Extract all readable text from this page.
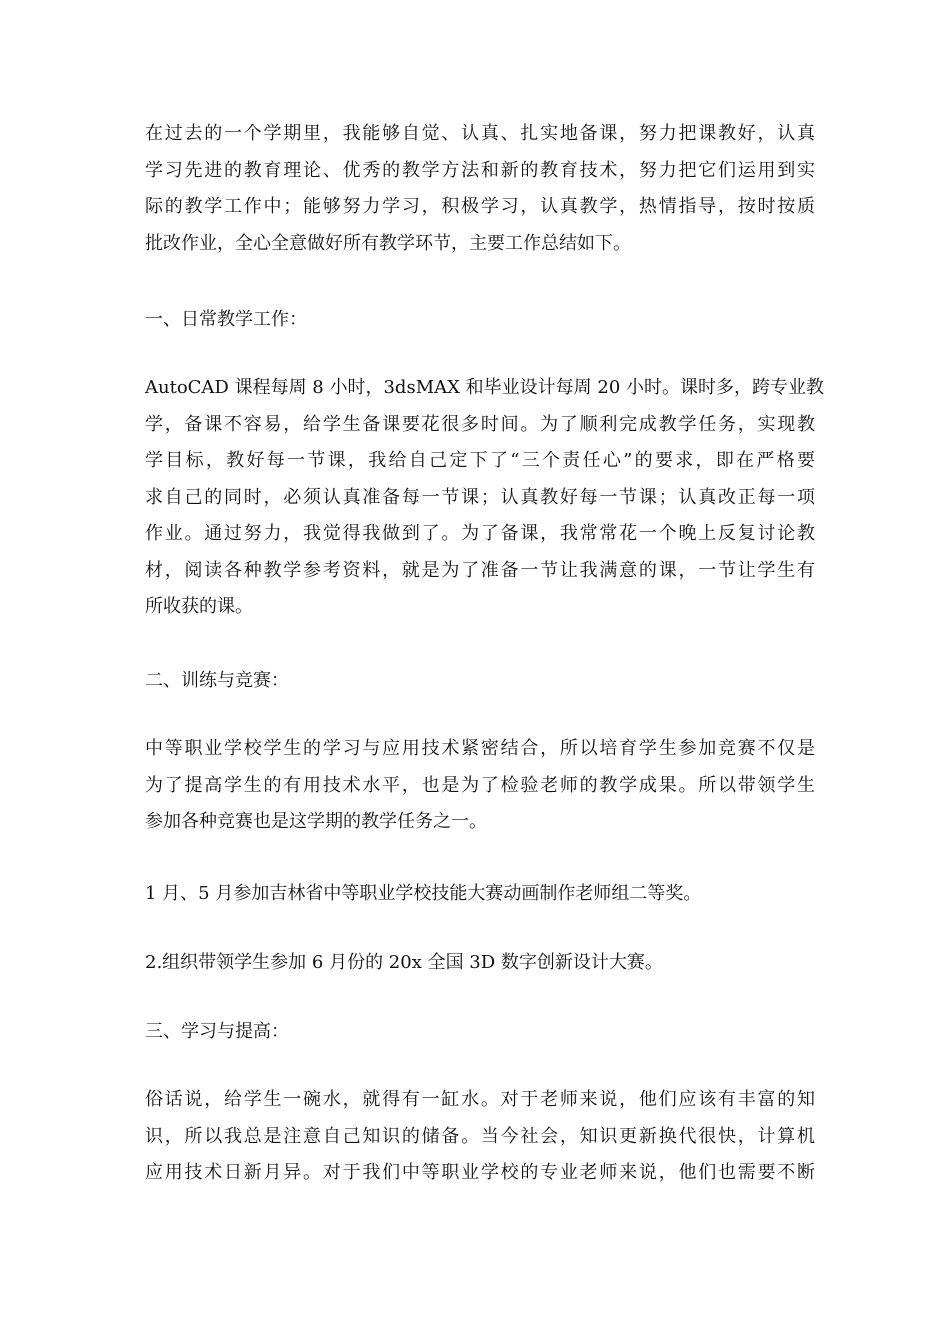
在过去的一个学期里，我能够自觉、认真、扎实地备课，努力把课教好，认真
学习先进的教育理论、优秀的教学方法和新的教育技术，努力把它们运用到实
际的教学工作中；能够努力学习，积极学习，认真教学，热情指导，按时按质
批改作业，全心全意做好所有教学环节，主要工作总结如下。
一、日常教学工作：
AutoCAD 课程每周 8 小时，3dsMAX 和毕业设计每周 20 小时。课时多，跨专业教
学，备课不容易，给学生备课要花很多时间。为了顺利完成教学任务，实现教
学目标，教好每一节课，我给自己定下了“三个责任心”的要求，即在严格要
求自己的同时，必须认真准备每一节课；认真教好每一节课；认真改正每一项
作业。通过努力，我觉得我做到了。为了备课，我常常花一个晚上反复讨论教
材，阅读各种教学参考资料，就是为了准备一节让我满意的课，一节让学生有
所收获的课。
二、训练与竞赛：
中等职业学校学生的学习与应用技术紧密结合，所以培育学生参加竞赛不仅是
为了提高学生的有用技术水平，也是为了检验老师的教学成果。所以带领学生
参加各种竞赛也是这学期的教学任务之一。
1 月、5 月参加吉林省中等职业学校技能大赛动画制作老师组二等奖。
2.组织带领学生参加 6 月份的 20x 全国 3D 数字创新设计大赛。
三、学习与提高：
俗话说，给学生一碗水，就得有一缸水。对于老师来说，他们应该有丰富的知
识，所以我总是注意自己知识的储备。当今社会，知识更新换代很快，计算机
应用技术日新月异。对于我们中等职业学校的专业老师来说，他们也需要不断
